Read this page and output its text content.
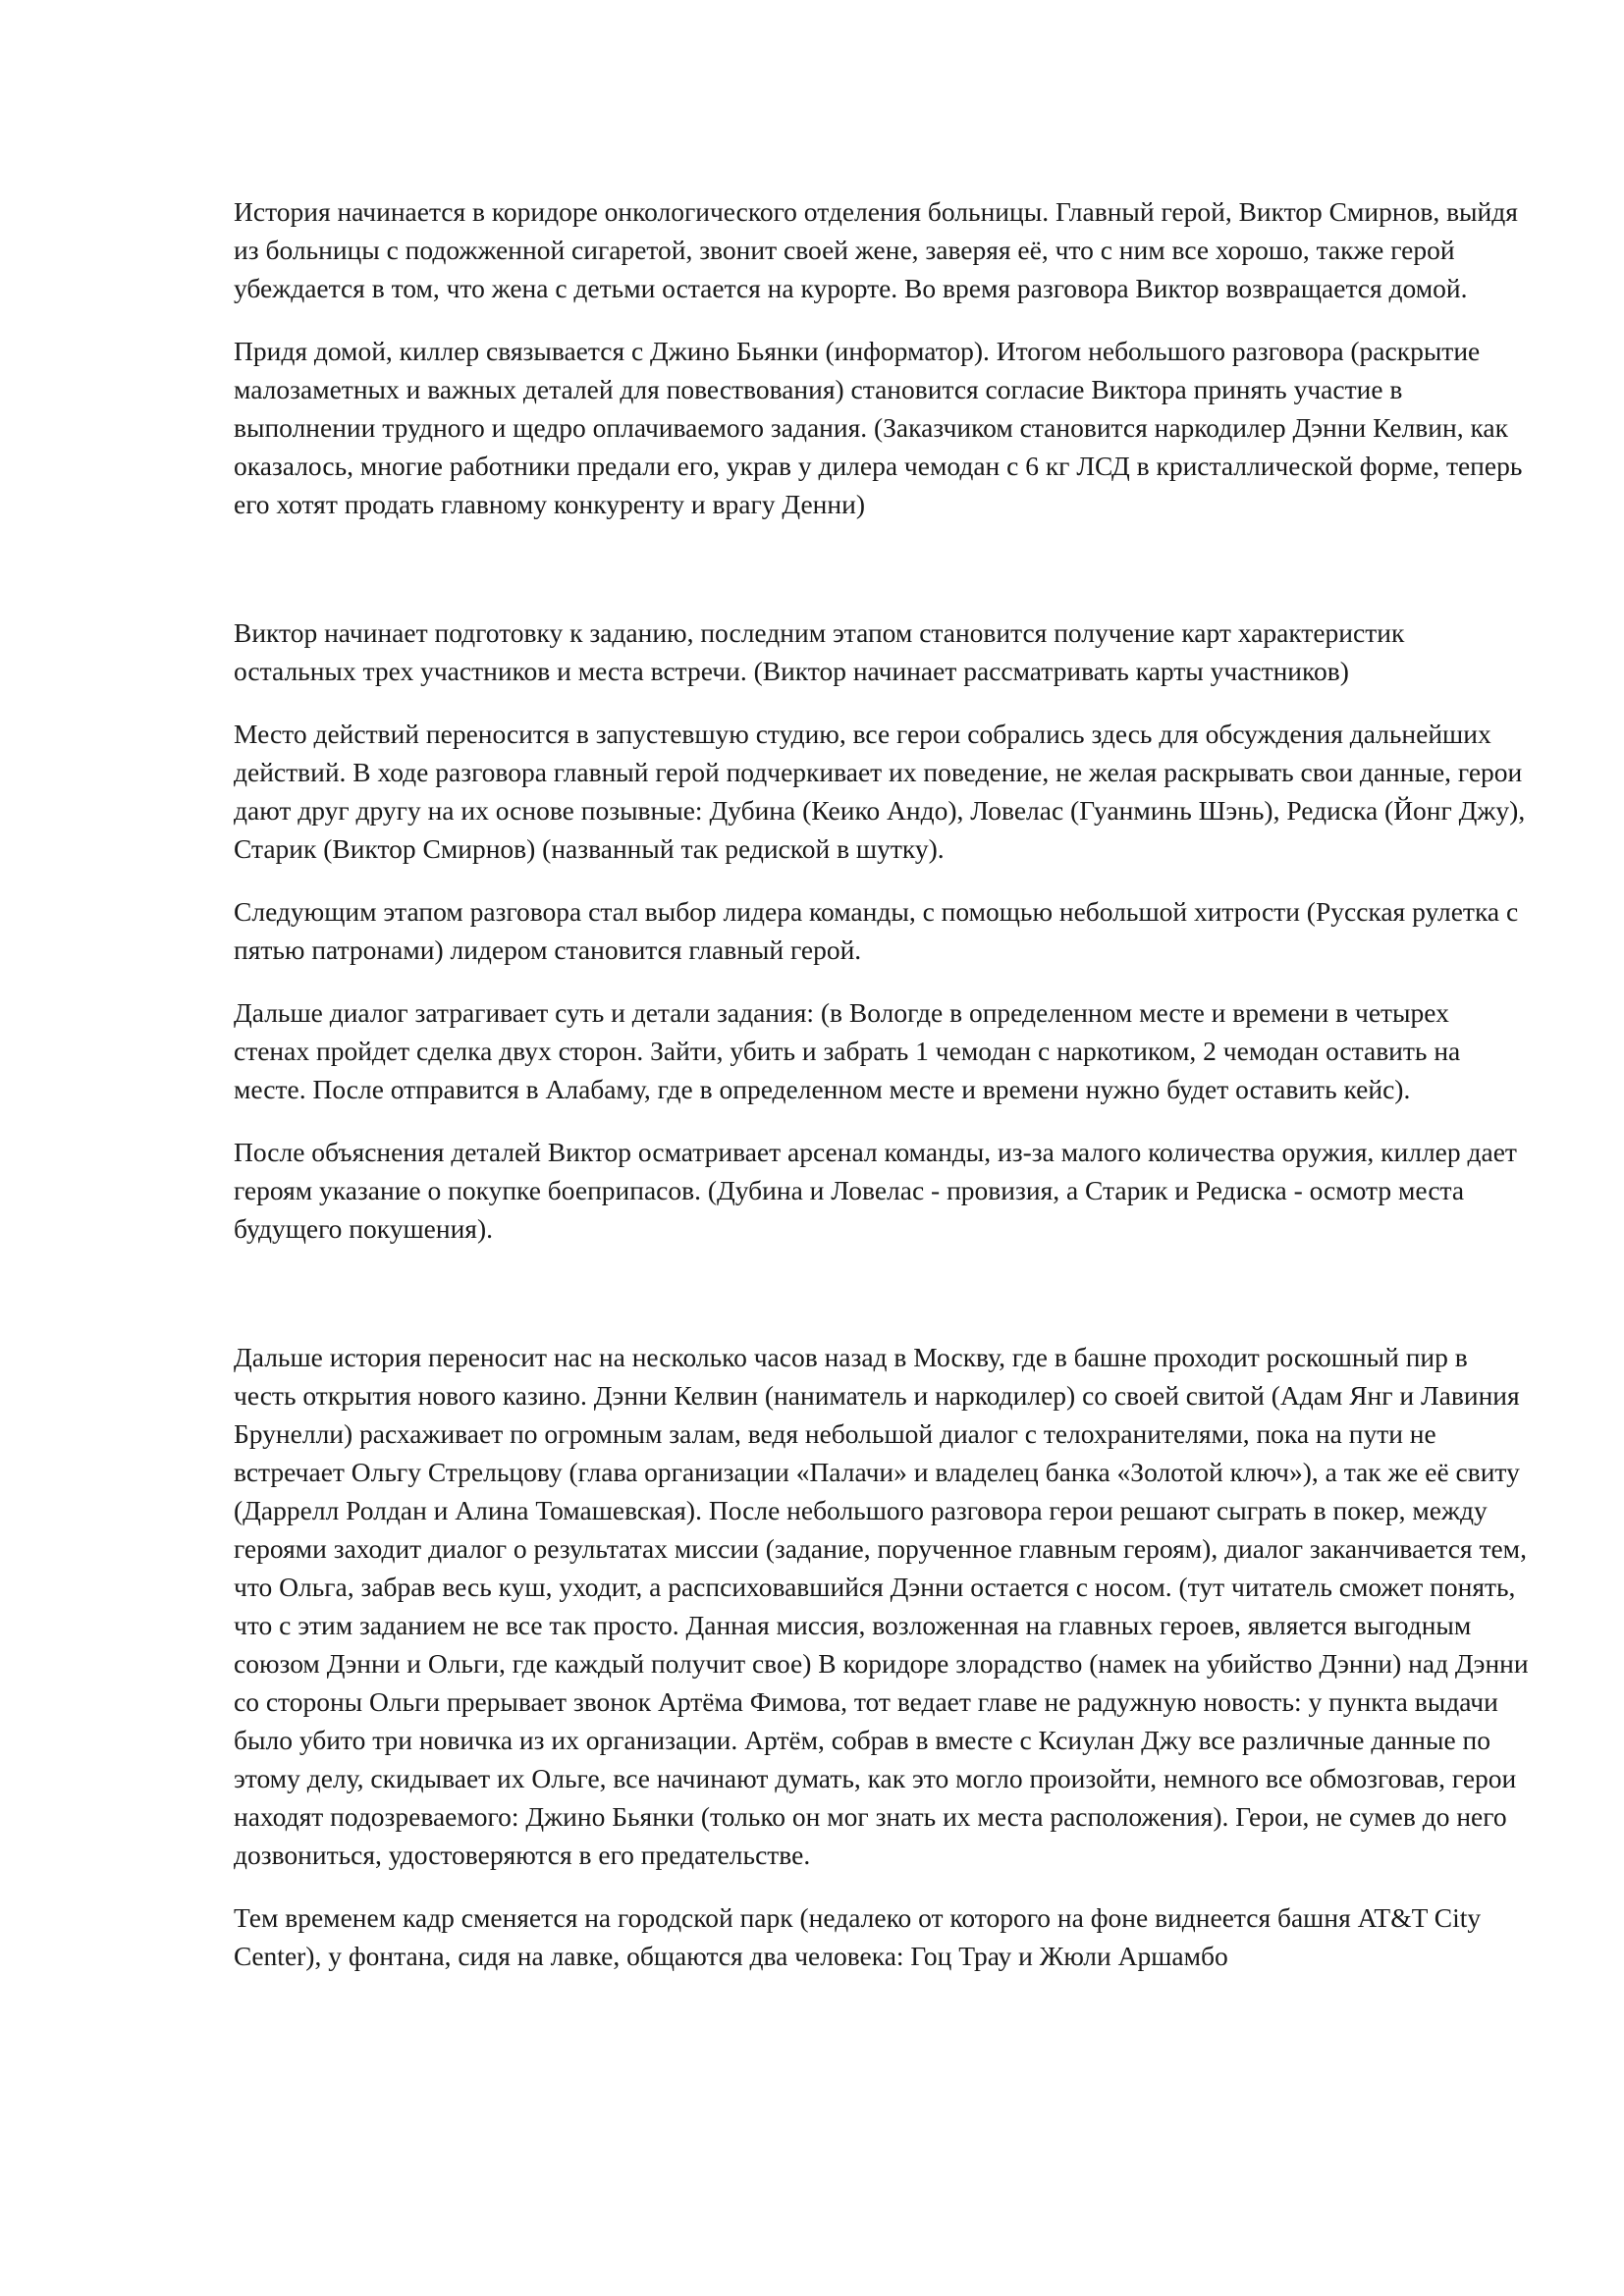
История начинается в коридоре онкологического отделения больницы. Главный герой, Виктор Смирнов, выйдя из больницы с подожженной сигаретой, звонит своей жене, заверяя её, что с ним все хорошо, также герой убеждается в том, что жена с детьми остается на курорте. Во время разговора Виктор возвращается домой.

Придя домой, киллер связывается с Джино Бьянки (информатор). Итогом небольшого разговора (раскрытие малозаметных и важных деталей для повествования) становится согласие Виктора принять участие в выполнении трудного и щедро оплачиваемого задания. (Заказчиком становится наркодилер Дэнни Келвин, как оказалось, многие работники предали его, украв у дилера чемодан с 6 кг ЛСД в кристаллической форме, теперь его хотят продать главному конкуренту и врагу Денни)

Виктор начинает подготовку к заданию, последним этапом становится получение карт характеристик остальных трех участников и места встречи. (Виктор начинает рассматривать карты участников)

Место действий переносится в запустевшую студию, все герои собрались здесь для обсуждения дальнейших действий. В ходе разговора главный герой подчеркивает их поведение, не желая раскрывать свои данные, герои дают друг другу на их основе позывные: Дубина (Кеико Андо), Ловелас (Гуанминь Шэнь), Редиска (Йонг Джу), Старик (Виктор Смирнов) (названный так редиской в шутку).

Следующим этапом разговора стал выбор лидера команды, с помощью небольшой хитрости (Русская рулетка с пятью патронами) лидером становится главный герой.

Дальше диалог затрагивает суть и детали задания: (в Вологде в определенном месте и времени в четырех стенах пройдет сделка двух сторон. Зайти, убить и забрать 1 чемодан с наркотиком, 2 чемодан оставить на месте. После отправится в Алабаму, где в определенном месте и времени нужно будет оставить кейс).

После объяснения деталей Виктор осматривает арсенал команды, из-за малого количества оружия, киллер дает героям указание о покупке боеприпасов. (Дубина и Ловелас - провизия, а Старик и Редиска - осмотр места будущего покушения).

Дальше история переносит нас на несколько часов назад в Москву, где в башне проходит роскошный пир в честь открытия нового казино. Дэнни Келвин (наниматель и наркодилер) со своей свитой (Адам Янг и Лавиния Брунелли) расхаживает по огромным залам, ведя небольшой диалог с телохранителями, пока на пути не встречает Ольгу Стрельцову (глава организации «Палачи» и владелец банка «Золотой ключ»), а так же её свиту (Даррелл Ролдан и Алина Томашевская). После небольшого разговора герои решают сыграть в покер, между героями заходит диалог о результатах миссии (задание, порученное главным героям), диалог заканчивается тем, что Ольга, забрав весь куш, уходит, а распсиховавшийся Дэнни остается с носом. (тут читатель сможет понять, что с этим заданием не все так просто. Данная миссия, возложенная на главных героев, является выгодным союзом Дэнни и Ольги, где каждый получит свое) В коридоре злорадство (намек на убийство Дэнни) над Дэнни со стороны Ольги прерывает звонок Артёма Фимова, тот ведает главе не радужную новость: у пункта выдачи было убито три новичка из их организации. Артём, собрав в вместе с Ксиулан Джу все различные данные по этому делу, скидывает их Ольге, все начинают думать, как это могло произойти, немного все обмозговав, герои находят подозреваемого: Джино Бьянки (только он мог знать их места расположения). Герои, не сумев до него дозвониться, удостоверяются в его предательстве.

Тем временем кадр сменяется на городской парк (недалеко от которого на фоне виднеется башня AT&T City Center), у фонтана, сидя на лавке, общаются два человека: Гоц Трау и Жюли Аршамбо
